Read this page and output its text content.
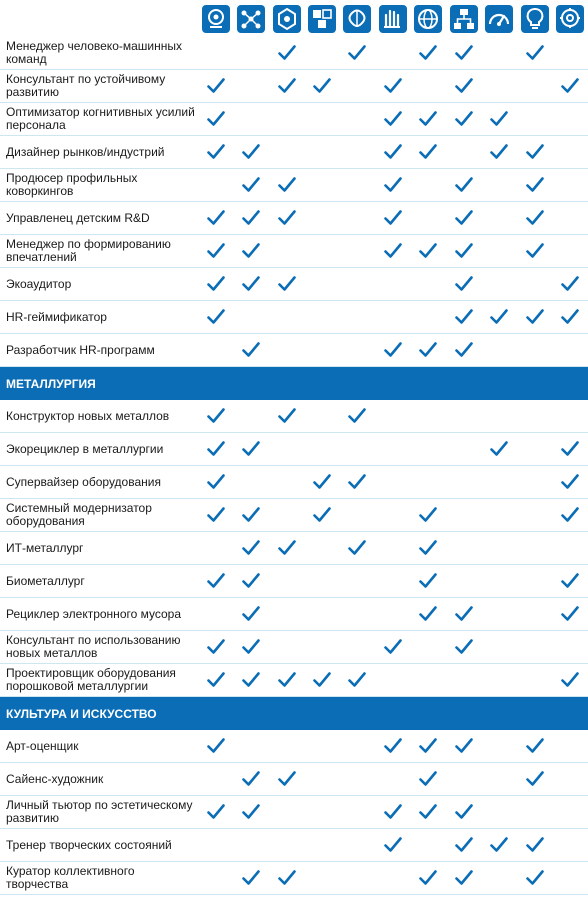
Менеджер человеко-машинных команд
Консультант по устойчивому развитию
Оптимизатор когнитивных усилий персонала
Дизайнер рынков/индустрий
Продюсер профильных коворкингов
Управленец детским R&D
Менеджер по формированию впечатлений
Экоаудитор
HR-геймификатор
Разработчик HR-программ
МЕТАЛЛУРГИЯ
Конструктор новых металлов
Экорециклер в металлургии
Супервайзер оборудования
Системный модернизатор оборудования
ИТ-металлург
Биометаллург
Рециклер электронного мусора
Консультант по использованию новых металлов
Проектировщик оборудования порошковой металлургии
КУЛЬТУРА И ИСКУССТВО
Арт-оценщик
Сайенс-художник
Личный тьютор по эстетическому развитию
Тренер творческих состояний
Куратор коллективного творчества
